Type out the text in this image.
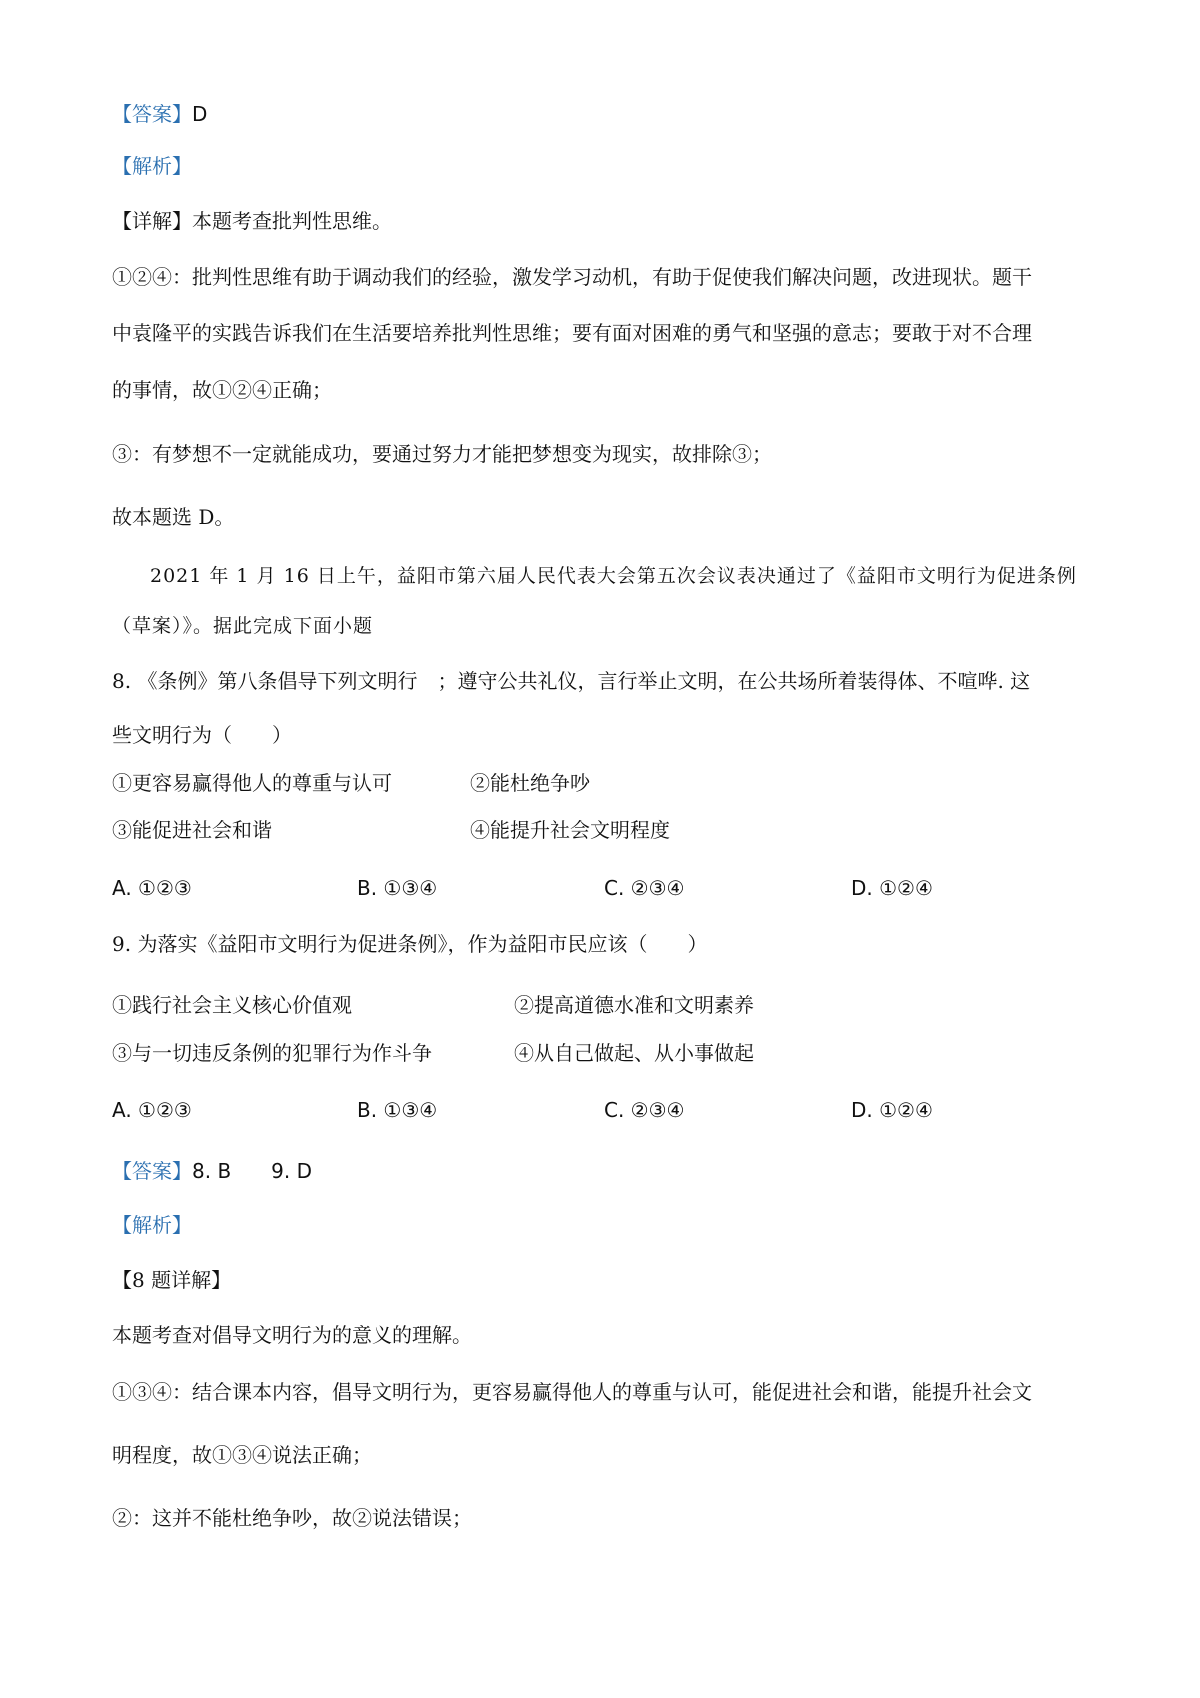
【答案】D
【解析】
【详解】本题考查批判性思维。
①②④：批判性思维有助于调动我们的经验，激发学习动机，有助于促使我们解决问题，改进现状。题干
中袁隆平的实践告诉我们在生活要培养批判性思维；要有面对困难的勇气和坚强的意志；要敢于对不合理
的事情，故①②④正确；
③：有梦想不一定就能成功，要通过努力才能把梦想变为现实，故排除③；
故本题选 D。
2021 年 1 月 16 日上午，益阳市第六届人民代表大会第五次会议表决通过了《益阳市文明行为促进条例
（草案）》。据此完成下面小题
8. 《条例》第八条倡导下列文明行　；遵守公共礼仪，言行举止文明，在公共场所着装得体、不喧哗. 这
些文明行为（　　）
①更容易赢得他人的尊重与认可	②能杜绝争吵
③能促进社会和谐	④能提升社会文明程度
A. ①②③	B. ①③④	C. ②③④	D. ①②④
9. 为落实《益阳市文明行为促进条例》，作为益阳市民应该（　　）
①践行社会主义核心价值观	②提高道德水准和文明素养
③与一切违反条例的犯罪行为作斗争	④从自己做起、从小事做起
A. ①②③	B. ①③④	C. ②③④	D. ①②④
【答案】8. B　　9. D
【解析】
【8 题详解】
本题考查对倡导文明行为的意义的理解。
①③④：结合课本内容，倡导文明行为，更容易赢得他人的尊重与认可，能促进社会和谐，能提升社会文
明程度，故①③④说法正确；
②：这并不能杜绝争吵，故②说法错误；
